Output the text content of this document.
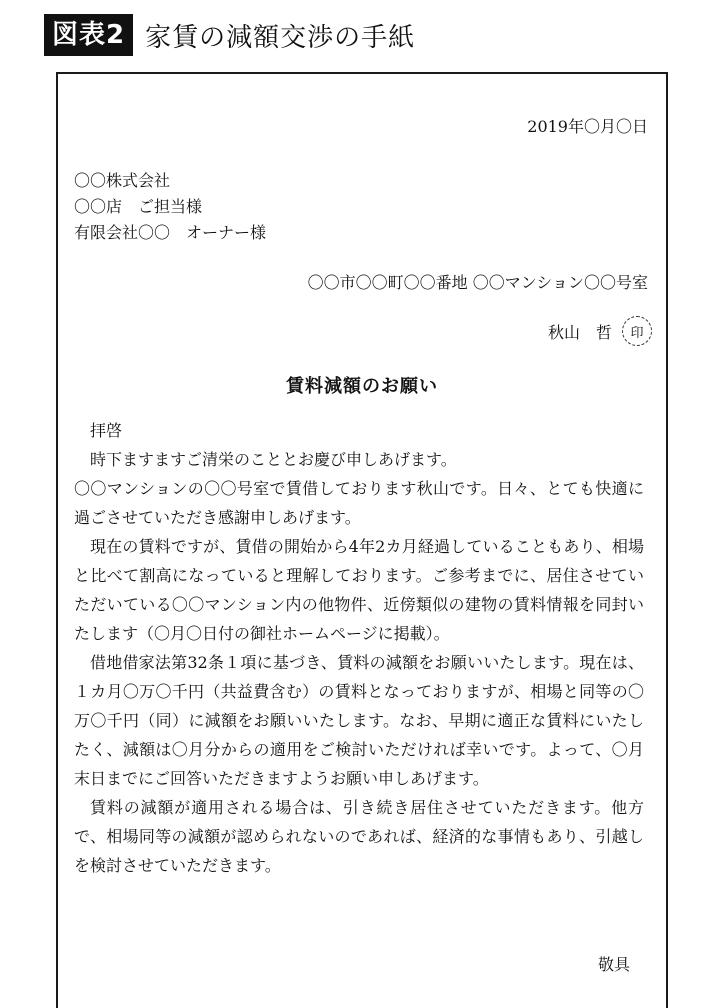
図表2 家賃の減額交渉の手紙
2019年〇月〇日
〇〇株式会社
〇〇店　ご担当様
有限会社〇〇　オーナー様
〇〇市〇〇町〇〇番地 〇〇マンション〇〇号室
秋山　哲	印
賃料減額のお願い

拝啓

時下ますますご清栄のこととお慶び申しあげます。

〇〇マンションの〇〇号室で賃借しております秋山です。日々、とても快適に過ごさせていただき感謝申しあげます。

現在の賃料ですが、賃借の開始から4年2カ月経過していることもあり、相場と比べて割高になっていると理解しております。ご参考までに、居住させていただいている〇〇マンション内の他物件、近傍類似の建物の賃料情報を同封いたします（〇月〇日付の御社ホームページに掲載）。

借地借家法第32条１項に基づき、賃料の減額をお願いいたします。現在は、１カ月〇万〇千円（共益費含む）の賃料となっておりますが、相場と同等の〇万〇千円（同）に減額をお願いいたします。なお、早期に適正な賃料にいたしたく、減額は〇月分からの適用をご検討いただければ幸いです。よって、〇月末日までにご回答いただきますようお願い申しあげます。

賃料の減額が適用される場合は、引き続き居住させていただきます。他方で、相場同等の減額が認められないのであれば、経済的な事情もあり、引越しを検討させていただきます。

敬具
